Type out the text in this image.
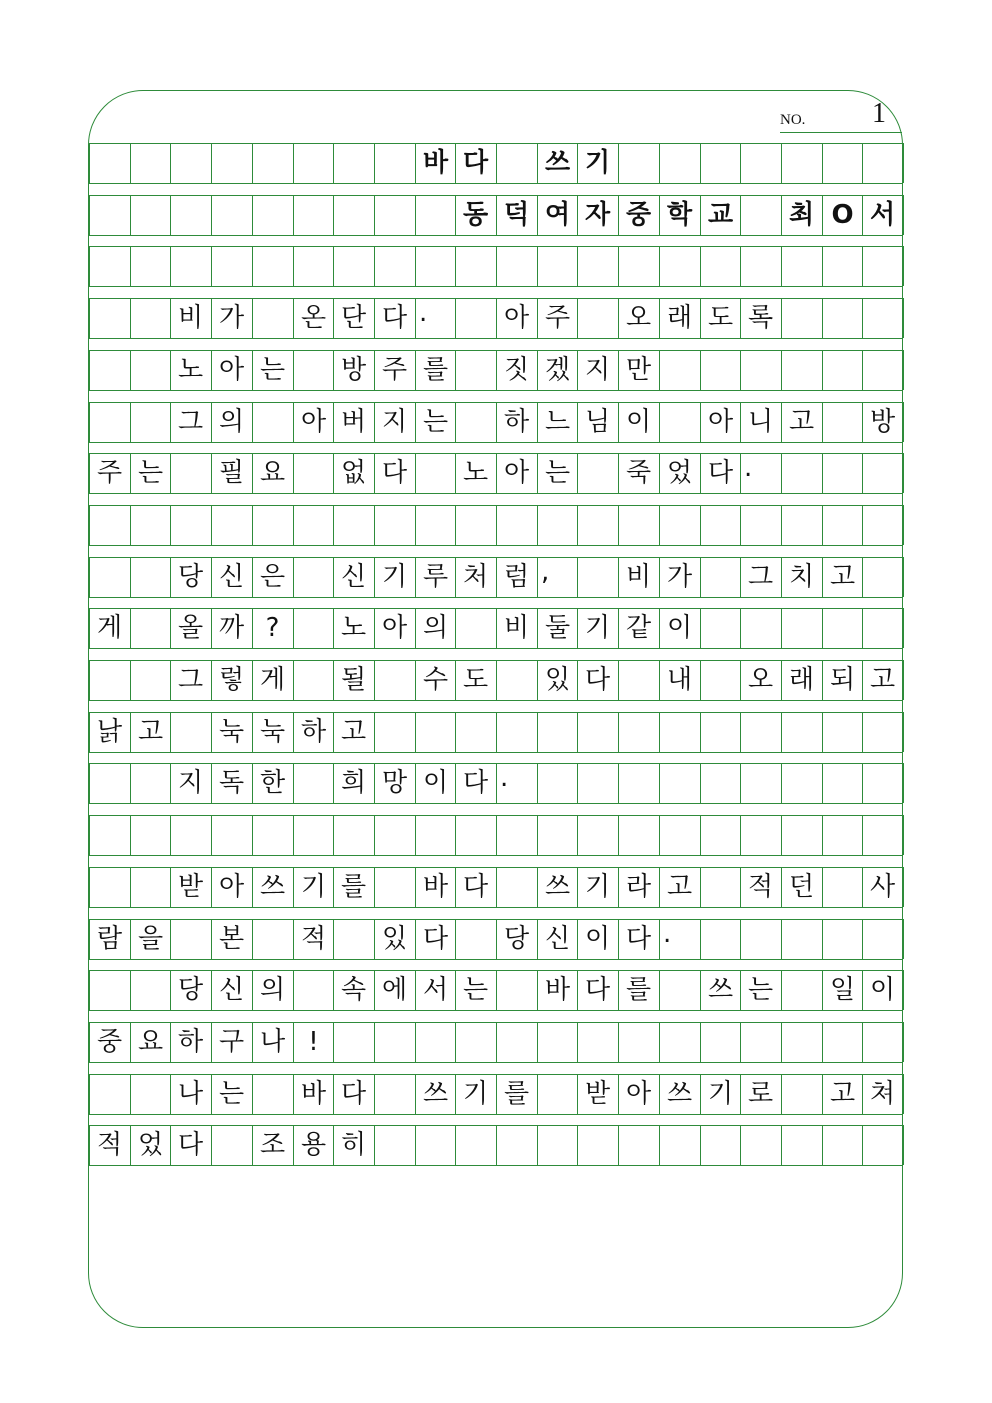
NO. 1
바 다	쓰 기
동 덕 여 자 중 학 교	최 O 서
비 가	온 단 다 .	아 주	오 래 도 록
노 아 는	방 주 를	짓 겠 지 만
그 의	아 버 지 는	하 느 님 이	아 니 고	방
주 는	필 요	없 다	노 아 는	죽 었 다 .
당 신 은	신 기 루 처 럼 ,	비 가	그 치 고
게	올 까 ?	노 아 의	비 둘 기 같 이
그 렇 게	될	수 도	있 다	내	오 래 되 고
낡 고	눅 눅 하 고
지 독 한	희 망 이 다 .
받 아 쓰 기 를	바 다	쓰 기 라 고	적 던	사
람 을	본	적	있 다	당 신 이 다 .
당 신 의	속 에 서 는	바 다 를	쓰 는	일 이
중 요 하 구 나 !
나 는	바 다	쓰 기 를	받 아 쓰 기 로	고 쳐
적 었 다	조 용 히
